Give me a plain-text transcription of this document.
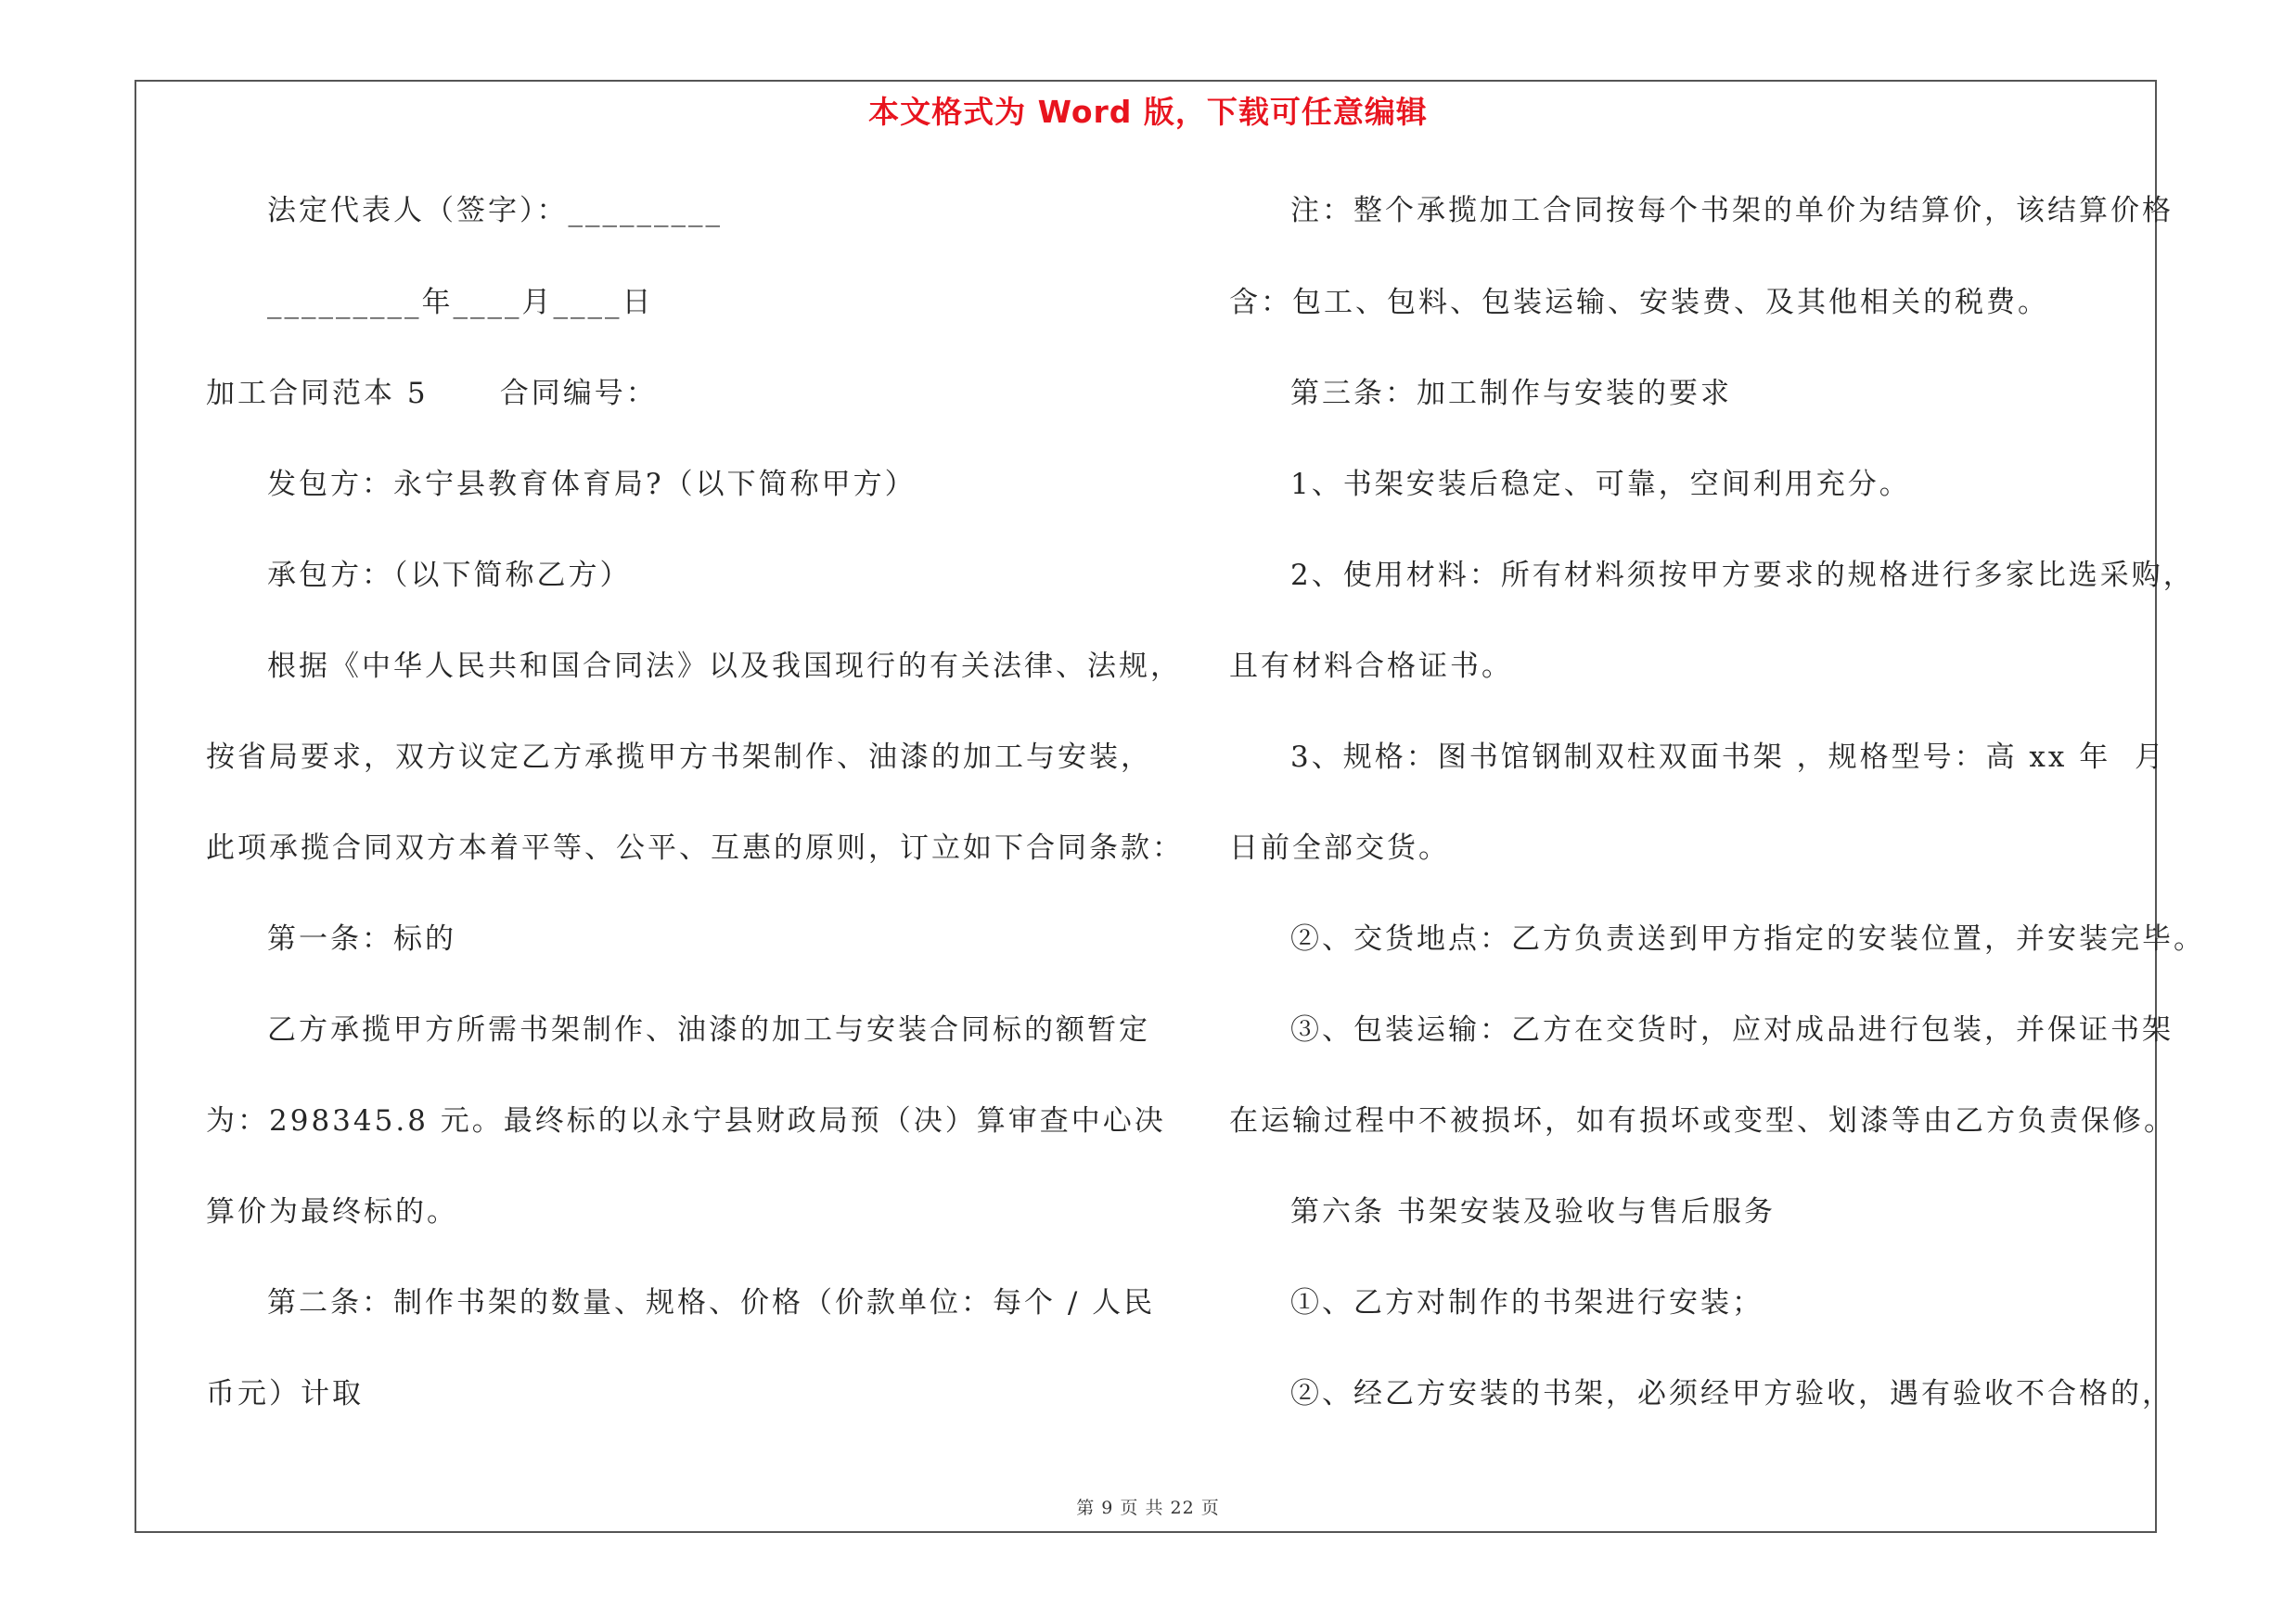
本文格式为 Word 版，下载可任意编辑
法定代表人（签字）：_________
_________年____月____日
加工合同范本 5      合同编号：
发包方：永宁县教育体育局?（以下简称甲方）
承包方：（以下简称乙方）
根据《中华人民共和国合同法》以及我国现行的有关法律、法规，
按省局要求，双方议定乙方承揽甲方书架制作、油漆的加工与安装，
此项承揽合同双方本着平等、公平、互惠的原则，订立如下合同条款：
第一条：标的
乙方承揽甲方所需书架制作、油漆的加工与安装合同标的额暂定
为：298345.8 元。最终标的以永宁县财政局预（决）算审查中心决
算价为最终标的。
第二条：制作书架的数量、规格、价格（价款单位：每个 / 人民
币元）计取
注：整个承揽加工合同按每个书架的单价为结算价，该结算价格
含：包工、包料、包装运输、安装费、及其他相关的税费。
第三条：加工制作与安装的要求
1、书架安装后稳定、可靠，空间利用充分。
2、使用材料：所有材料须按甲方要求的规格进行多家比选采购，
且有材料合格证书。
3、规格：图书馆钢制双柱双面书架 ，规格型号：高 xx 年  月
日前全部交货。
②、交货地点：乙方负责送到甲方指定的安装位置，并安装完毕。
③、包装运输：乙方在交货时，应对成品进行包装，并保证书架
在运输过程中不被损坏，如有损坏或变型、划漆等由乙方负责保修。
第六条 书架安装及验收与售后服务
①、乙方对制作的书架进行安装；
②、经乙方安装的书架，必须经甲方验收，遇有验收不合格的，
第 9 页 共 22 页
